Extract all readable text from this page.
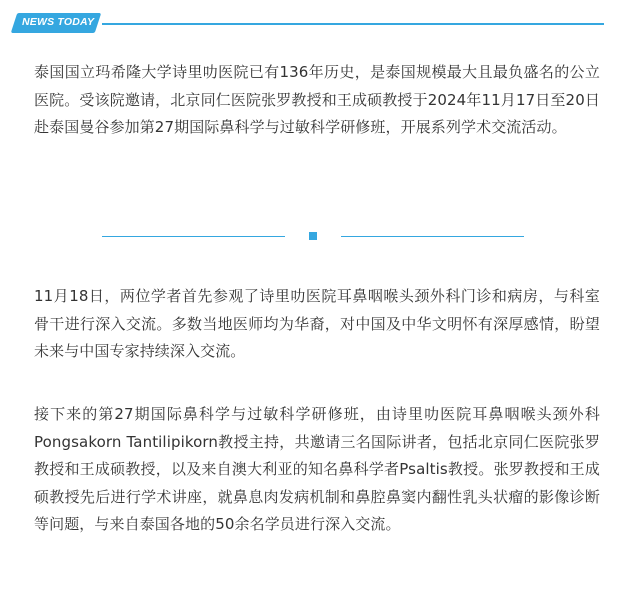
NEWS TODAY

泰国国立玛希隆大学诗里叻医院已有136年历史，是泰国规模最大且最负盛名的公立医院。受该院邀请，北京同仁医院张罗教授和王成硕教授于2024年11月17日至20日赴泰国曼谷参加第27期国际鼻科学与过敏科学研修班，开展系列学术交流活动。

11月18日，两位学者首先参观了诗里叻医院耳鼻咽喉头颈外科门诊和病房，与科室骨干进行深入交流。多数当地医师均为华裔，对中国及中华文明怀有深厚感情，盼望未来与中国专家持续深入交流。

接下来的第27期国际鼻科学与过敏科学研修班，由诗里叻医院耳鼻咽喉头颈外科Pongsakorn Tantilipikorn教授主持，共邀请三名国际讲者，包括北京同仁医院张罗教授和王成硕教授，以及来自澳大利亚的知名鼻科学者Psaltis教授。张罗教授和王成硕教授先后进行学术讲座，就鼻息肉发病机制和鼻腔鼻窦内翻性乳头状瘤的影像诊断等问题，与来自泰国各地的50余名学员进行深入交流。
